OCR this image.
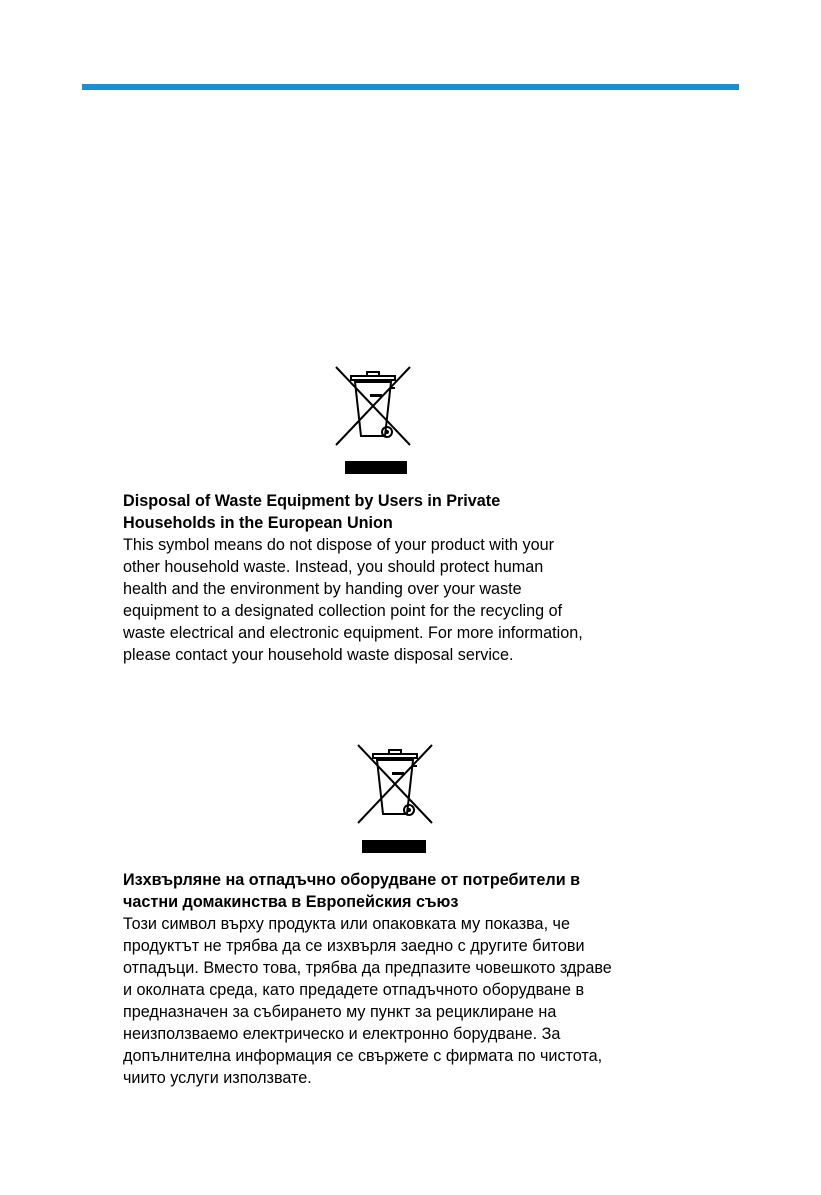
Disposal of Waste Equipment by Users in Private
Households in the European Union

This symbol means do not dispose of your product with your
other household waste. Instead, you should protect human
health and the environment by handing over your waste
equipment to a designated collection point for the recycling of
waste electrical and electronic equipment. For more information,
please contact your household waste disposal service.

Изхвърляне на отпадъчно оборудване от потребители в
частни домакинства в Европейския съюз

Този символ върху продукта или опаковката му показва, че
продуктът не трябва да се изхвърля заедно с другите битови
отпадъци. Вместо това, трябва да предпазите човешкото здраве
и околната среда, като предадете отпадъчното оборудване в
предназначен за събирането му пункт за рециклиране на
неизползваемо електрическо и електронно борудване. За
допълнителна информация се свържете с фирмата по чистота,
чиито услуги използвате.
